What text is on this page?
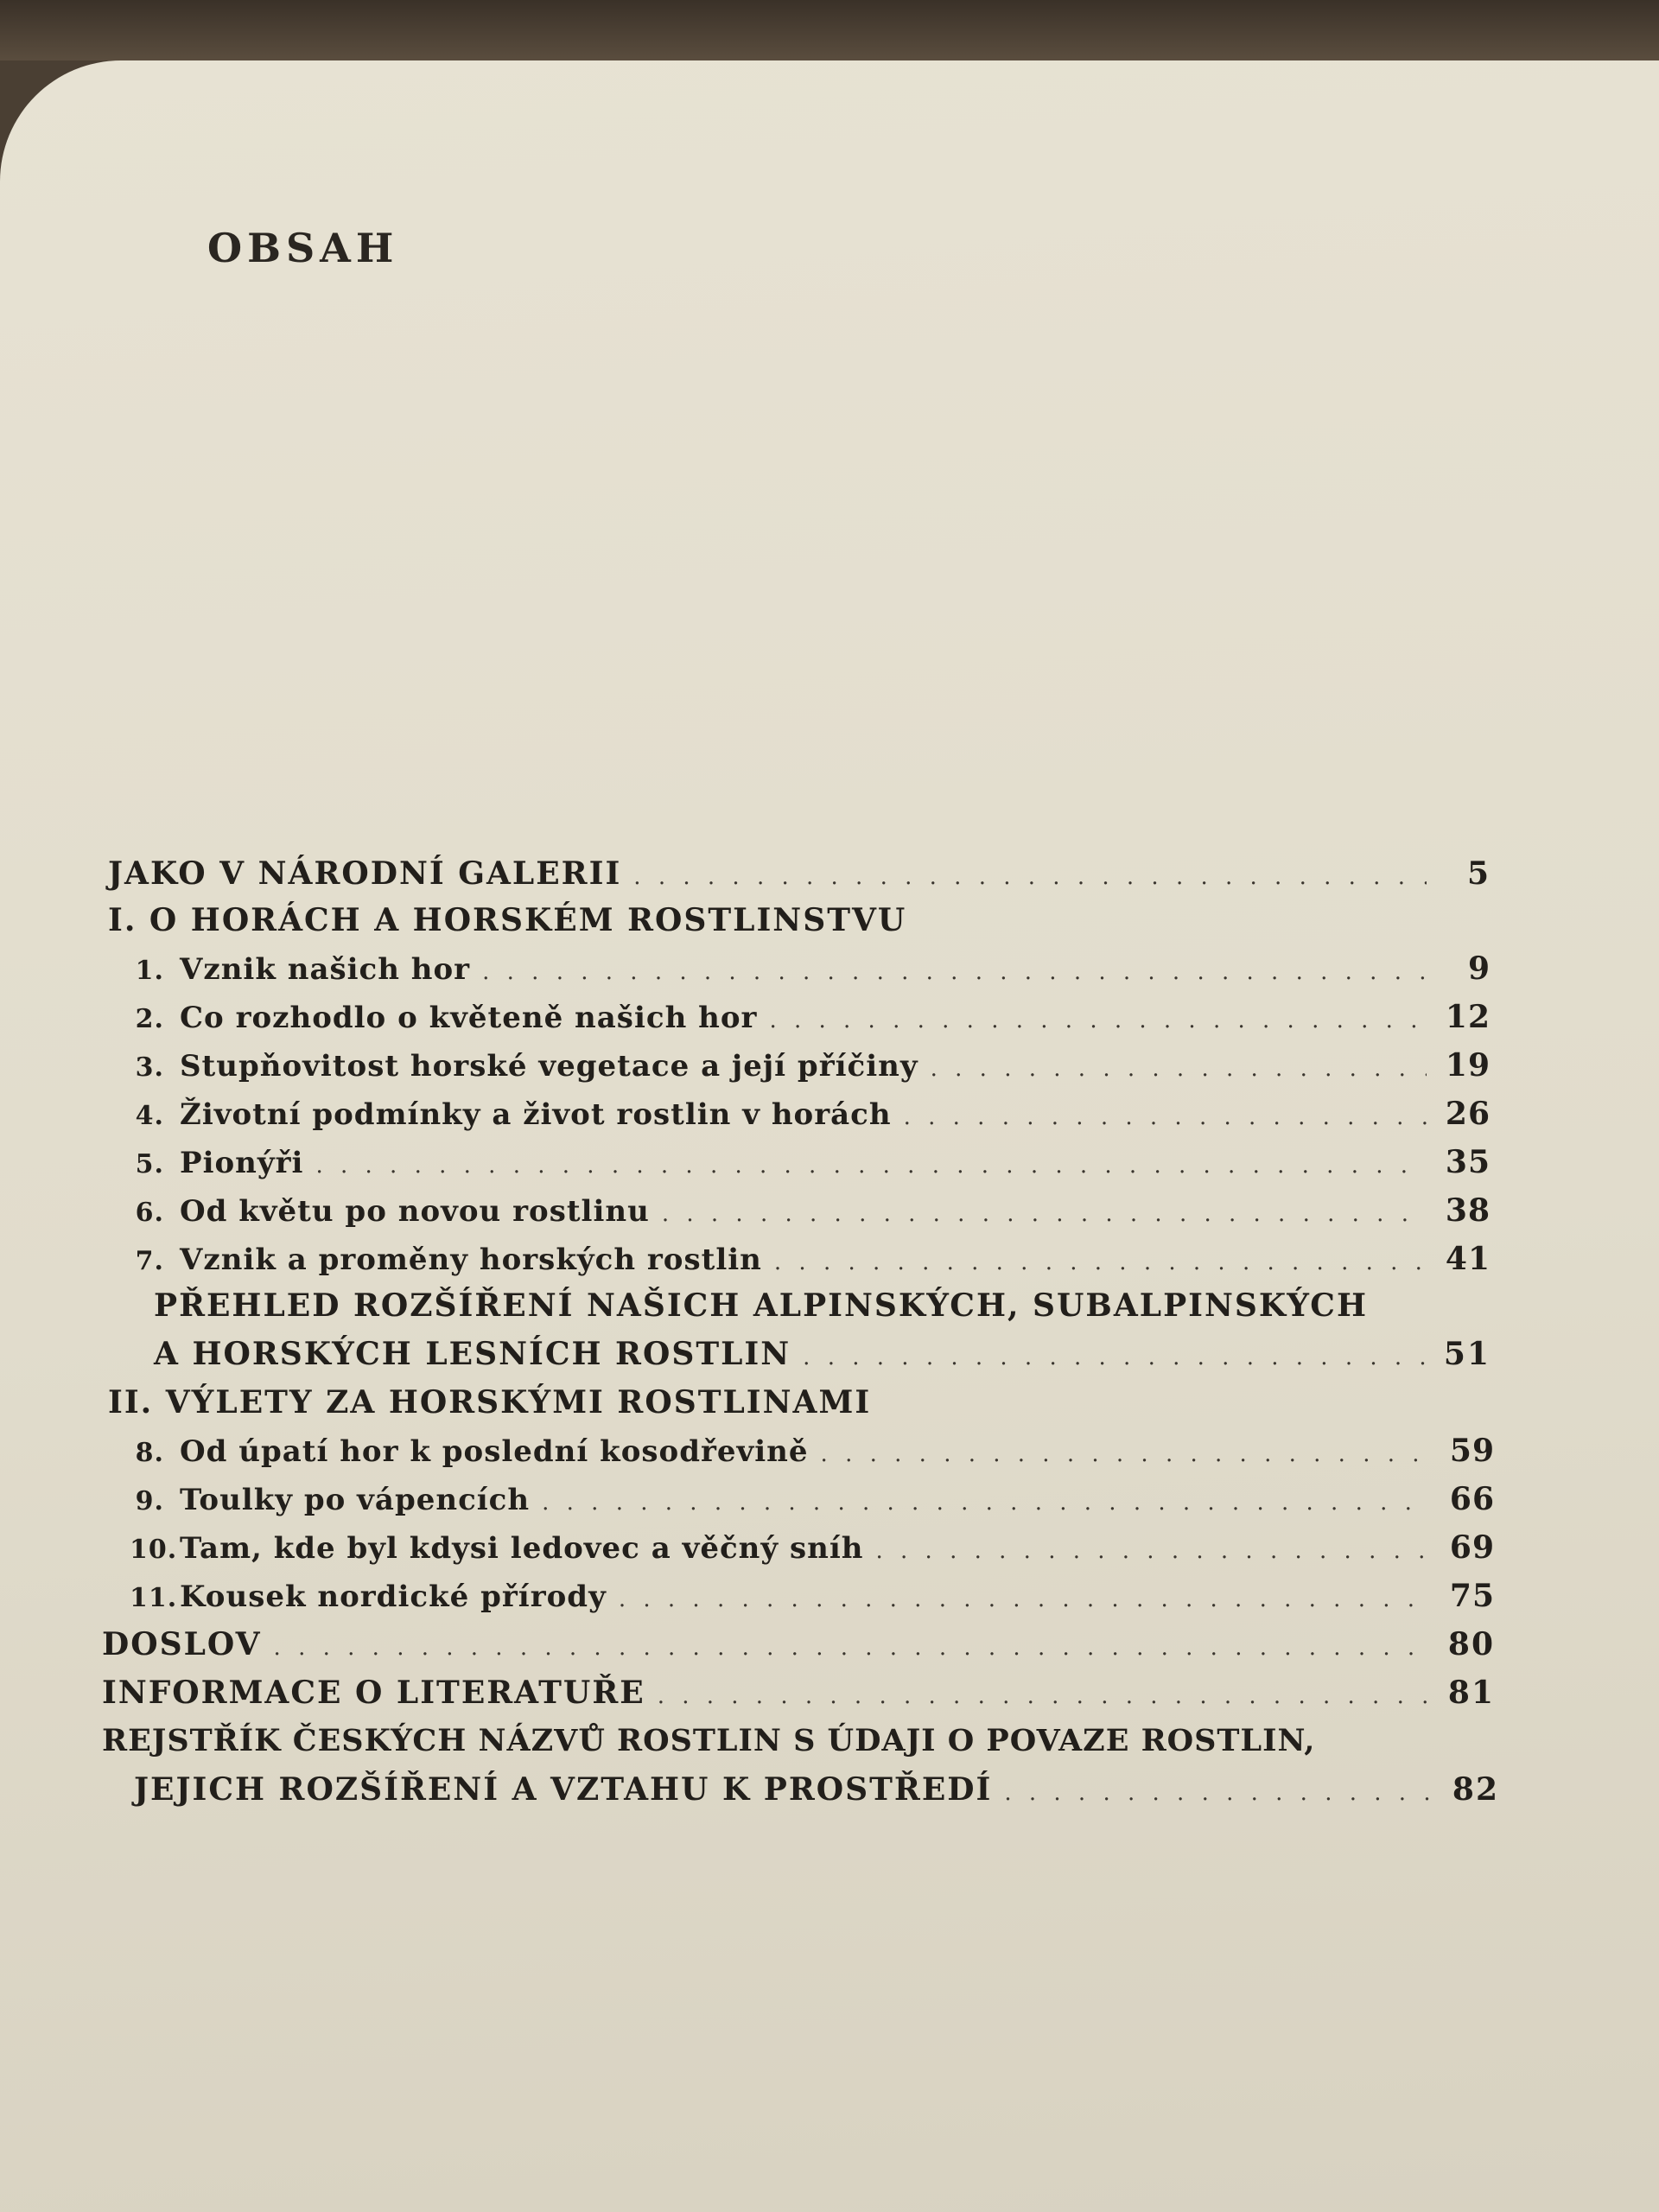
OBSAH
JAKO V NÁRODNÍ GALERII . . .	5
I. O HORÁCH A HORSKÉM ROSTLINSTVU
1. Vznik našich hor . . .	9
2. Co rozhodlo o květeně našich hor . . .	12
3. Stupňovitost horské vegetace a její příčiny . . .	19
4. Životní podmínky a život rostlin v horách . . .	26
5. Pionýři . . .	35
6. Od květu po novou rostlinu . . .	38
7. Vznik a proměny horských rostlin . . .	41
PŘEHLED ROZŠÍŘENÍ NAŠICH ALPINSKÝCH, SUBALPINSKÝCH
A HORSKÝCH LESNÍCH ROSTLIN . . .	51
II. VÝLETY ZA HORSKÝMI ROSTLINAMI
8. Od úpatí hor k poslední kosodřevině . . .	59
9. Toulky po vápencích . . .	66
10. Tam, kde byl kdysi ledovec a věčný sníh . . .	69
11. Kousek nordické přírody . . .	75
DOSLOV . . .	80
INFORMACE O LITERATUŘE . . .	81
REJSTŘÍK ČESKÝCH NÁZVŮ ROSTLIN S ÚDAJI O POVAZE ROSTLIN,
JEJICH ROZŠÍŘENÍ A VZTAHU K PROSTŘEDÍ . . .	82
